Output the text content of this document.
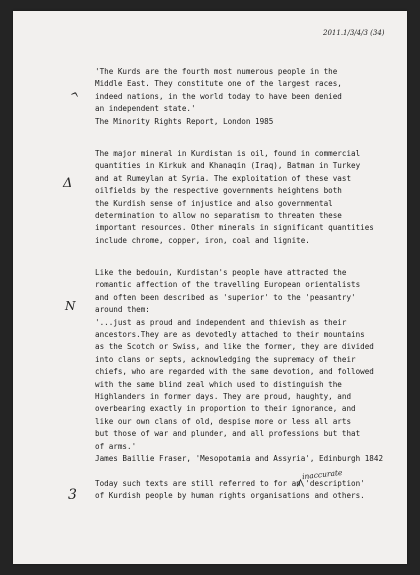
2011.1/3/4/3 (34)
^
Δ
Ν
3
inaccurate
'The Kurds are the fourth most numerous people in the
Middle East. They constitute one of the largest races,
indeed nations, in the world today to have been denied
an independent state.'
The Minority Rights Report, London 1985
The major mineral in Kurdistan is oil, found in commercial
quantities in Kirkuk and Khanaqin (Iraq), Batman in Turkey
and at Rumeylan at Syria. The exploitation of these vast
oilfields by the respective governments heightens both
the Kurdish sense of injustice and also governmental
determination to allow no separatism to threaten these
important resources. Other minerals in significant quantities
include chrome, copper, iron, coal and lignite.
Like the bedouin, Kurdistan's people have attracted the
romantic affection of the travelling European orientalists
and often been described as 'superior' to the 'peasantry'
around them:
'...just as proud and independent and thievish as their
ancestors.They are as devotedly attached to their mountains
as the Scotch or Swiss, and like the former, they are divided
into clans or septs, acknowledging the supremacy of their
chiefs, who are regarded with the same devotion, and followed
with the same blind zeal which used to distinguish the
Highlanders in former days. They are proud, haughty, and
overbearing exactly in proportion to their ignorance, and
like our own clans of old, despise more or less all arts
but those of war and plunder, and all professions but that
of arms.'
James Baillie Fraser, 'Mesopotamia and Assyria', Edinburgh 1842
Today such texts are still referred to for an 'description'
of Kurdish people by human rights organisations and others.
